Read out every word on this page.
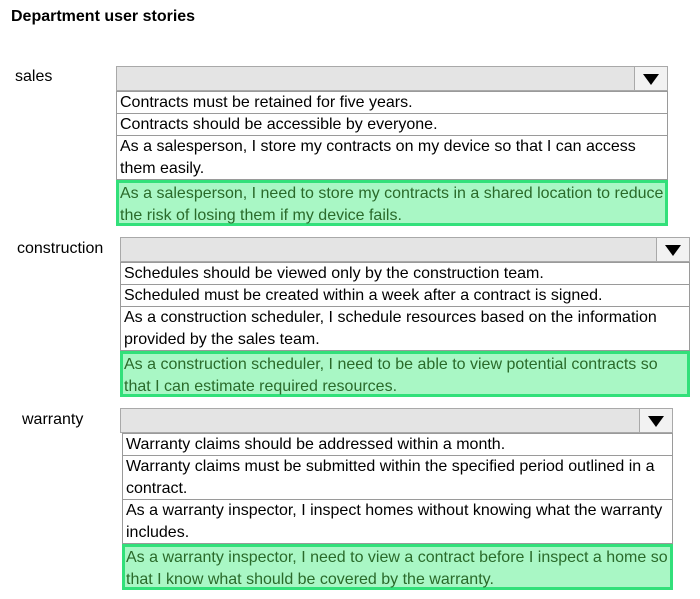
Department user stories
sales
Contracts must be retained for five years.
Contracts should be accessible by everyone.
As a salesperson, I store my contracts on my device so that I can access them easily.
As a salesperson, I need to store my contracts in a shared location to reduce the risk of losing them if my device fails.
construction
Schedules should be viewed only by the construction team.
Scheduled must be created within a week after a contract is signed.
As a construction scheduler, I schedule resources based on the information provided by the sales team.
As a construction scheduler, I need to be able to view potential contracts so that I can estimate required resources.
warranty
Warranty claims should be addressed within a month.
Warranty claims must be submitted within the specified period outlined in a contract.
As a warranty inspector, I inspect homes without knowing what the warranty includes.
As a warranty inspector, I need to view a contract before I inspect a home so that I know what should be covered by the warranty.
